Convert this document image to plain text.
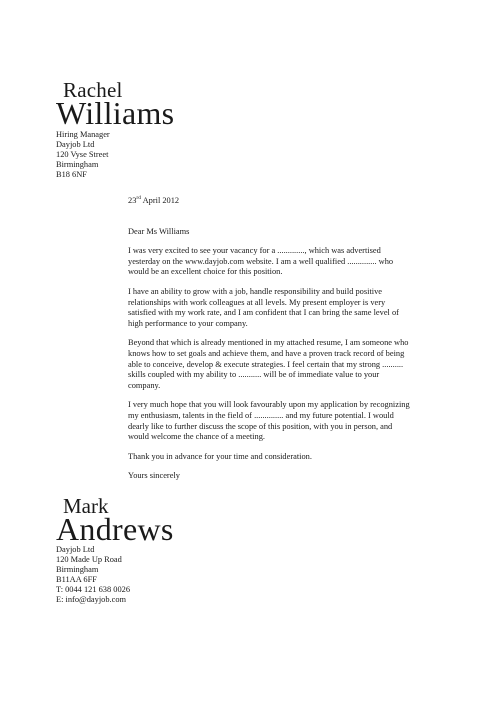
Rachel
Williams
Hiring Manager
Dayjob Ltd
120 Vyse Street
Birmingham
B18 6NF
23rd April 2012
Dear Ms Williams

I was very excited to see your vacancy for a ............., which was advertised yesterday on the www.dayjob.com website. I am a well qualified .............. who would be an excellent choice for this position.

I have an ability to grow with a job, handle responsibility and build positive relationships with work colleagues at all levels. My present employer is very satisfied with my work rate, and I am confident that I can bring the same level of high performance to your company.

Beyond that which is already mentioned in my attached resume, I am someone who knows how to set goals and achieve them, and have a proven track record of being able to conceive, develop & execute strategies. I feel certain that my strong .......... skills coupled with my ability to ........... will be of immediate value to your company.

I very much hope that you will look favourably upon my application by recognizing my enthusiasm, talents in the field of .............. and my future potential. I would dearly like to further discuss the scope of this position, with you in person, and would welcome the chance of a meeting.

Thank you in advance for your time and consideration.

Yours sincerely
Mark
Andrews
Dayjob Ltd
120 Made Up Road
Birmingham
B11AA 6FF
T: 0044 121 638 0026
E: info@dayjob.com
